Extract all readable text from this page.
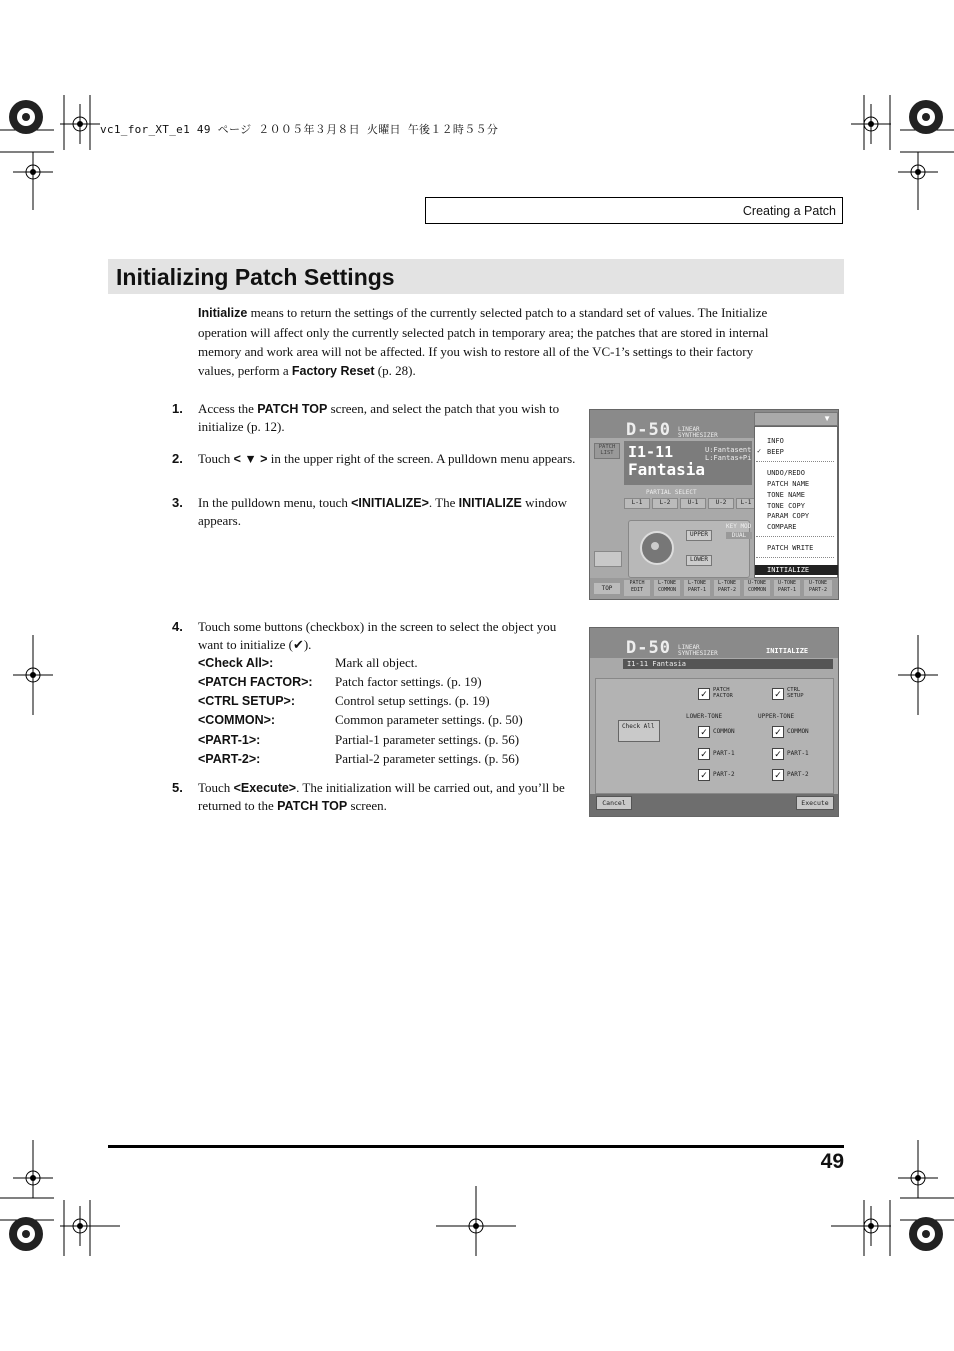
vc1_for_XT_e1 49 ページ ２００５年３月８日 火曜日 午後１２時５５分
Creating a Patch
Initializing Patch Settings
Initialize means to return the settings of the currently selected patch to a standard set of values. The Initialize operation will affect only the currently selected patch in temporary area; the patches that are stored in internal memory and work area will not be affected. If you wish to restore all of the VC-1’s settings to their factory values, perform a Factory Reset (p. 28).
1. Access the PATCH TOP screen, and select the patch that you wish to initialize (p. 12).
2. Touch < ▼ > in the upper right of the screen. A pulldown menu appears.
3. In the pulldown menu, touch <INITIALIZE>. The INITIALIZE window appears.
4. Touch some buttons (checkbox) in the screen to select the object you want to initialize (✔).
<Check All>:	Mark all object.
<PATCH FACTOR>: Patch factor settings. (p. 19)
<CTRL SETUP>:	Control setup settings. (p. 19)
<COMMON>:	Common parameter settings. (p. 50)
<PART-1>:	Partial-1 parameter settings. (p. 56)
<PART-2>:	Partial-2 parameter settings. (p. 56)
5. Touch <Execute>. The initialization will be carried out, and you’ll be returned to the PATCH TOP screen.
D-50 LINEAR SYNTHESIZER
PATCH LIST I1-11
Fantasia
U:Fantasent
L:Fantas+Pi
PARTIAL SELECT
L-1	L-2	U-1	U-2	L-1
UPPER
LOWER
KEY MOD
DUAL
▼
INFO
✓ BEEP
UNDO/REDO
PATCH NAME
TONE NAME
TONE COPY
PARAM COPY
COMPARE
PATCH WRITE
INITIALIZE
TOP
PATCH EDIT
L-TONE COMMON
L-TONE PART-1
L-TONE PART-2
U-TONE COMMON
U-TONE PART-1
U-TONE PART-2
D-50 LINEAR SYNTHESIZER	INITIALIZE
I1-11 Fantasia
Check All
✓ PATCH FACTOR	✓ CTRL SETUP
LOWER-TONE	UPPER-TONE
✓ COMMON	✓ COMMON
✓ PART-1	✓ PART-1
✓ PART-2	✓ PART-2
Cancel	Execute
49
